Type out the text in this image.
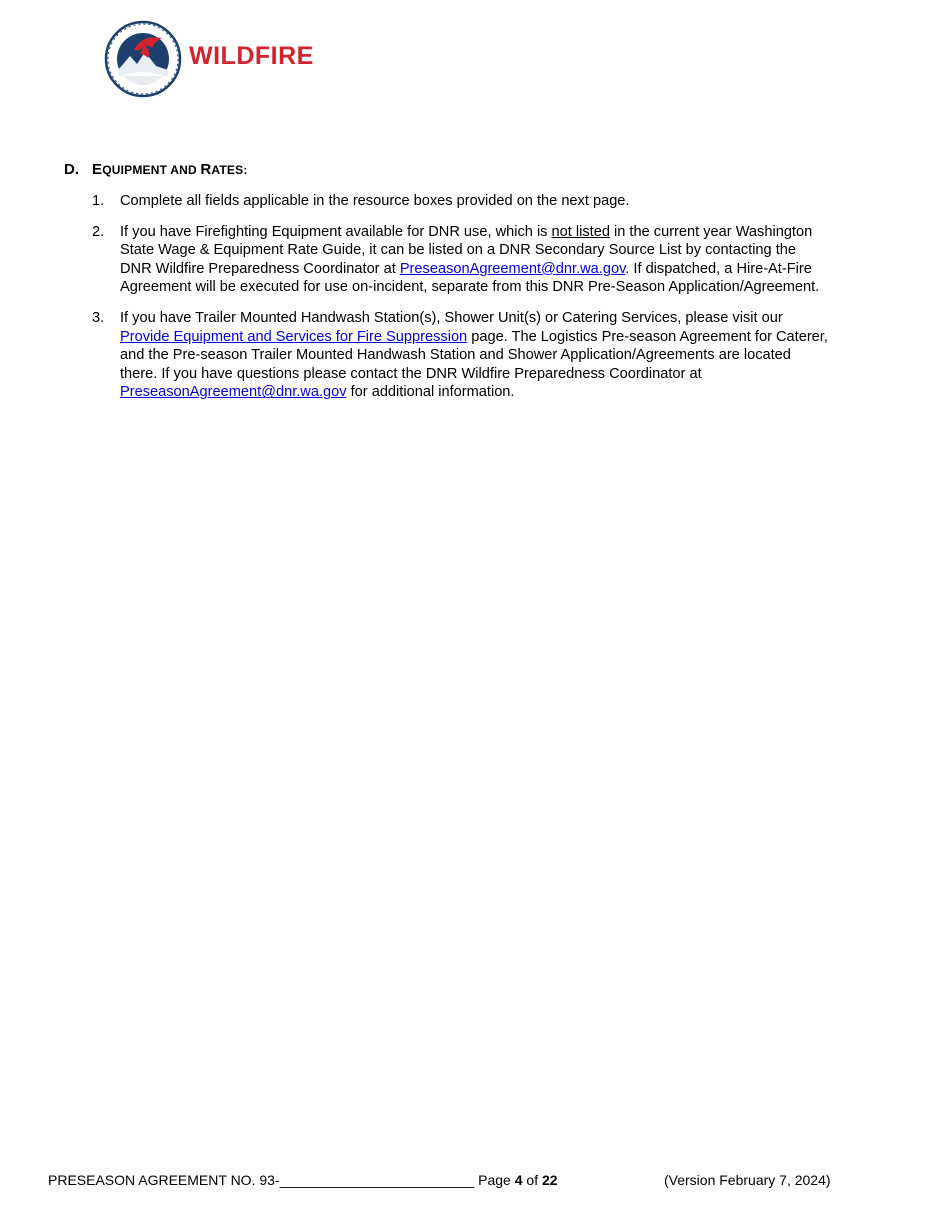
WILDFIRE
D. EQUIPMENT AND RATES:
1.	Complete all fields applicable in the resource boxes provided on the next page.
2.	If you have Firefighting Equipment available for DNR use, which is not listed in the current year Washington State Wage & Equipment Rate Guide, it can be listed on a DNR Secondary Source List by contacting the DNR Wildfire Preparedness Coordinator at PreseasonAgreement@dnr.wa.gov. If dispatched, a Hire-At-Fire Agreement will be executed for use on-incident, separate from this DNR Pre-Season Application/Agreement.
3.	If you have Trailer Mounted Handwash Station(s), Shower Unit(s) or Catering Services, please visit our Provide Equipment and Services for Fire Suppression page. The Logistics Pre-season Agreement for Caterer, and the Pre-season Trailer Mounted Handwash Station and Shower Application/Agreements are located there. If you have questions please contact the DNR Wildfire Preparedness Coordinator at PreseasonAgreement@dnr.wa.gov for additional information.
PRESEASON AGREEMENT NO. 93-_________________________ Page 4 of 22	(Version February 7, 2024)
